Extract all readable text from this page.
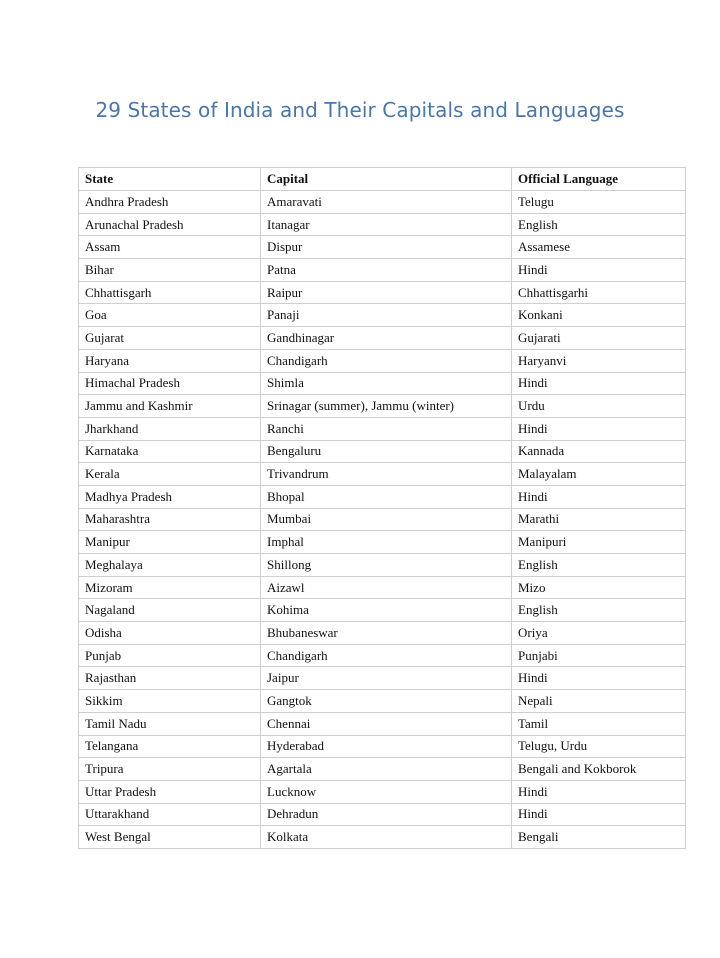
29 States of India and Their Capitals and Languages
State	Capital	Official Language
Andhra Pradesh	Amaravati	Telugu
Arunachal Pradesh	Itanagar	English
Assam	Dispur	Assamese
Bihar	Patna	Hindi
Chhattisgarh	Raipur	Chhattisgarhi
Goa	Panaji	Konkani
Gujarat	Gandhinagar	Gujarati
Haryana	Chandigarh	Haryanvi
Himachal Pradesh	Shimla	Hindi
Jammu and Kashmir	Srinagar (summer), Jammu (winter)	Urdu
Jharkhand	Ranchi	Hindi
Karnataka	Bengaluru	Kannada
Kerala	Trivandrum	Malayalam
Madhya Pradesh	Bhopal	Hindi
Maharashtra	Mumbai	Marathi
Manipur	Imphal	Manipuri
Meghalaya	Shillong	English
Mizoram	Aizawl	Mizo
Nagaland	Kohima	English
Odisha	Bhubaneswar	Oriya
Punjab	Chandigarh	Punjabi
Rajasthan	Jaipur	Hindi
Sikkim	Gangtok	Nepali
Tamil Nadu	Chennai	Tamil
Telangana	Hyderabad	Telugu, Urdu
Tripura	Agartala	Bengali and Kokborok
Uttar Pradesh	Lucknow	Hindi
Uttarakhand	Dehradun	Hindi
West Bengal	Kolkata	Bengali
